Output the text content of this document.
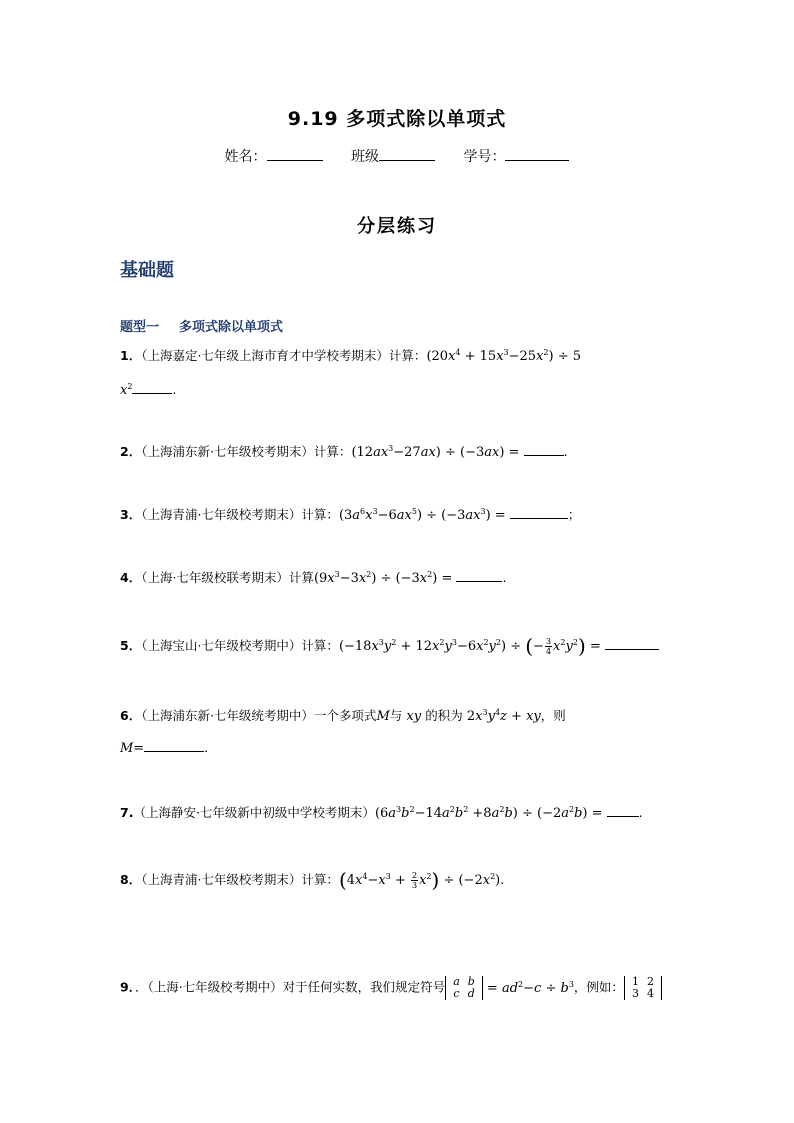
9.19 多项式除以单项式
姓名：	班级	学号：
分层练习
基础题
题型一 多项式除以单项式
1．（上海嘉定·七年级上海市育才中学校考期末）计算：$(20x^4 + 15x^3-25x^2) \div 5$
$x^2$	.
2．（上海浦东新·七年级校考期末）计算：$(12ax^3-27ax) \div (-3ax)$ =	.
3．（上海青浦·七年级校考期末）计算：$(3a^6x^3-6ax^5) \div (-3ax^3)$ =	；
4．（上海·七年级校联考期末）计算$(9x^3-3x^2) \div (-3x^2)$ =	.
5．（上海宝山·七年级校考期中）计算：$(-18x^3y^2 + 12x^2y^3-6x^2y^2)$ ÷ (− $\frac{3}{4} x^2y^2$) =
6．（上海浦东新·七年级统考期中）一个多项式M与 xy 的积为 $2x^3y^4z$ + xy，则
M=	．
7.（上海静安·七年级新中初级中学校考期末）$(6a^3b^2-14a^2b^2 +8a^2b) \div (-2a^2b)$ =	.
8．（上海青浦·七年级校考期末）计算：$(4x^4-x^3 + \frac{2}{3} x^2) \div (-2x^2)$.
9．．（上海·七年级校考期中）对于任何实数，我们规定符号 a	b
c	$d = ad^2-c \div b^3$，例如： 1	2
3	4
